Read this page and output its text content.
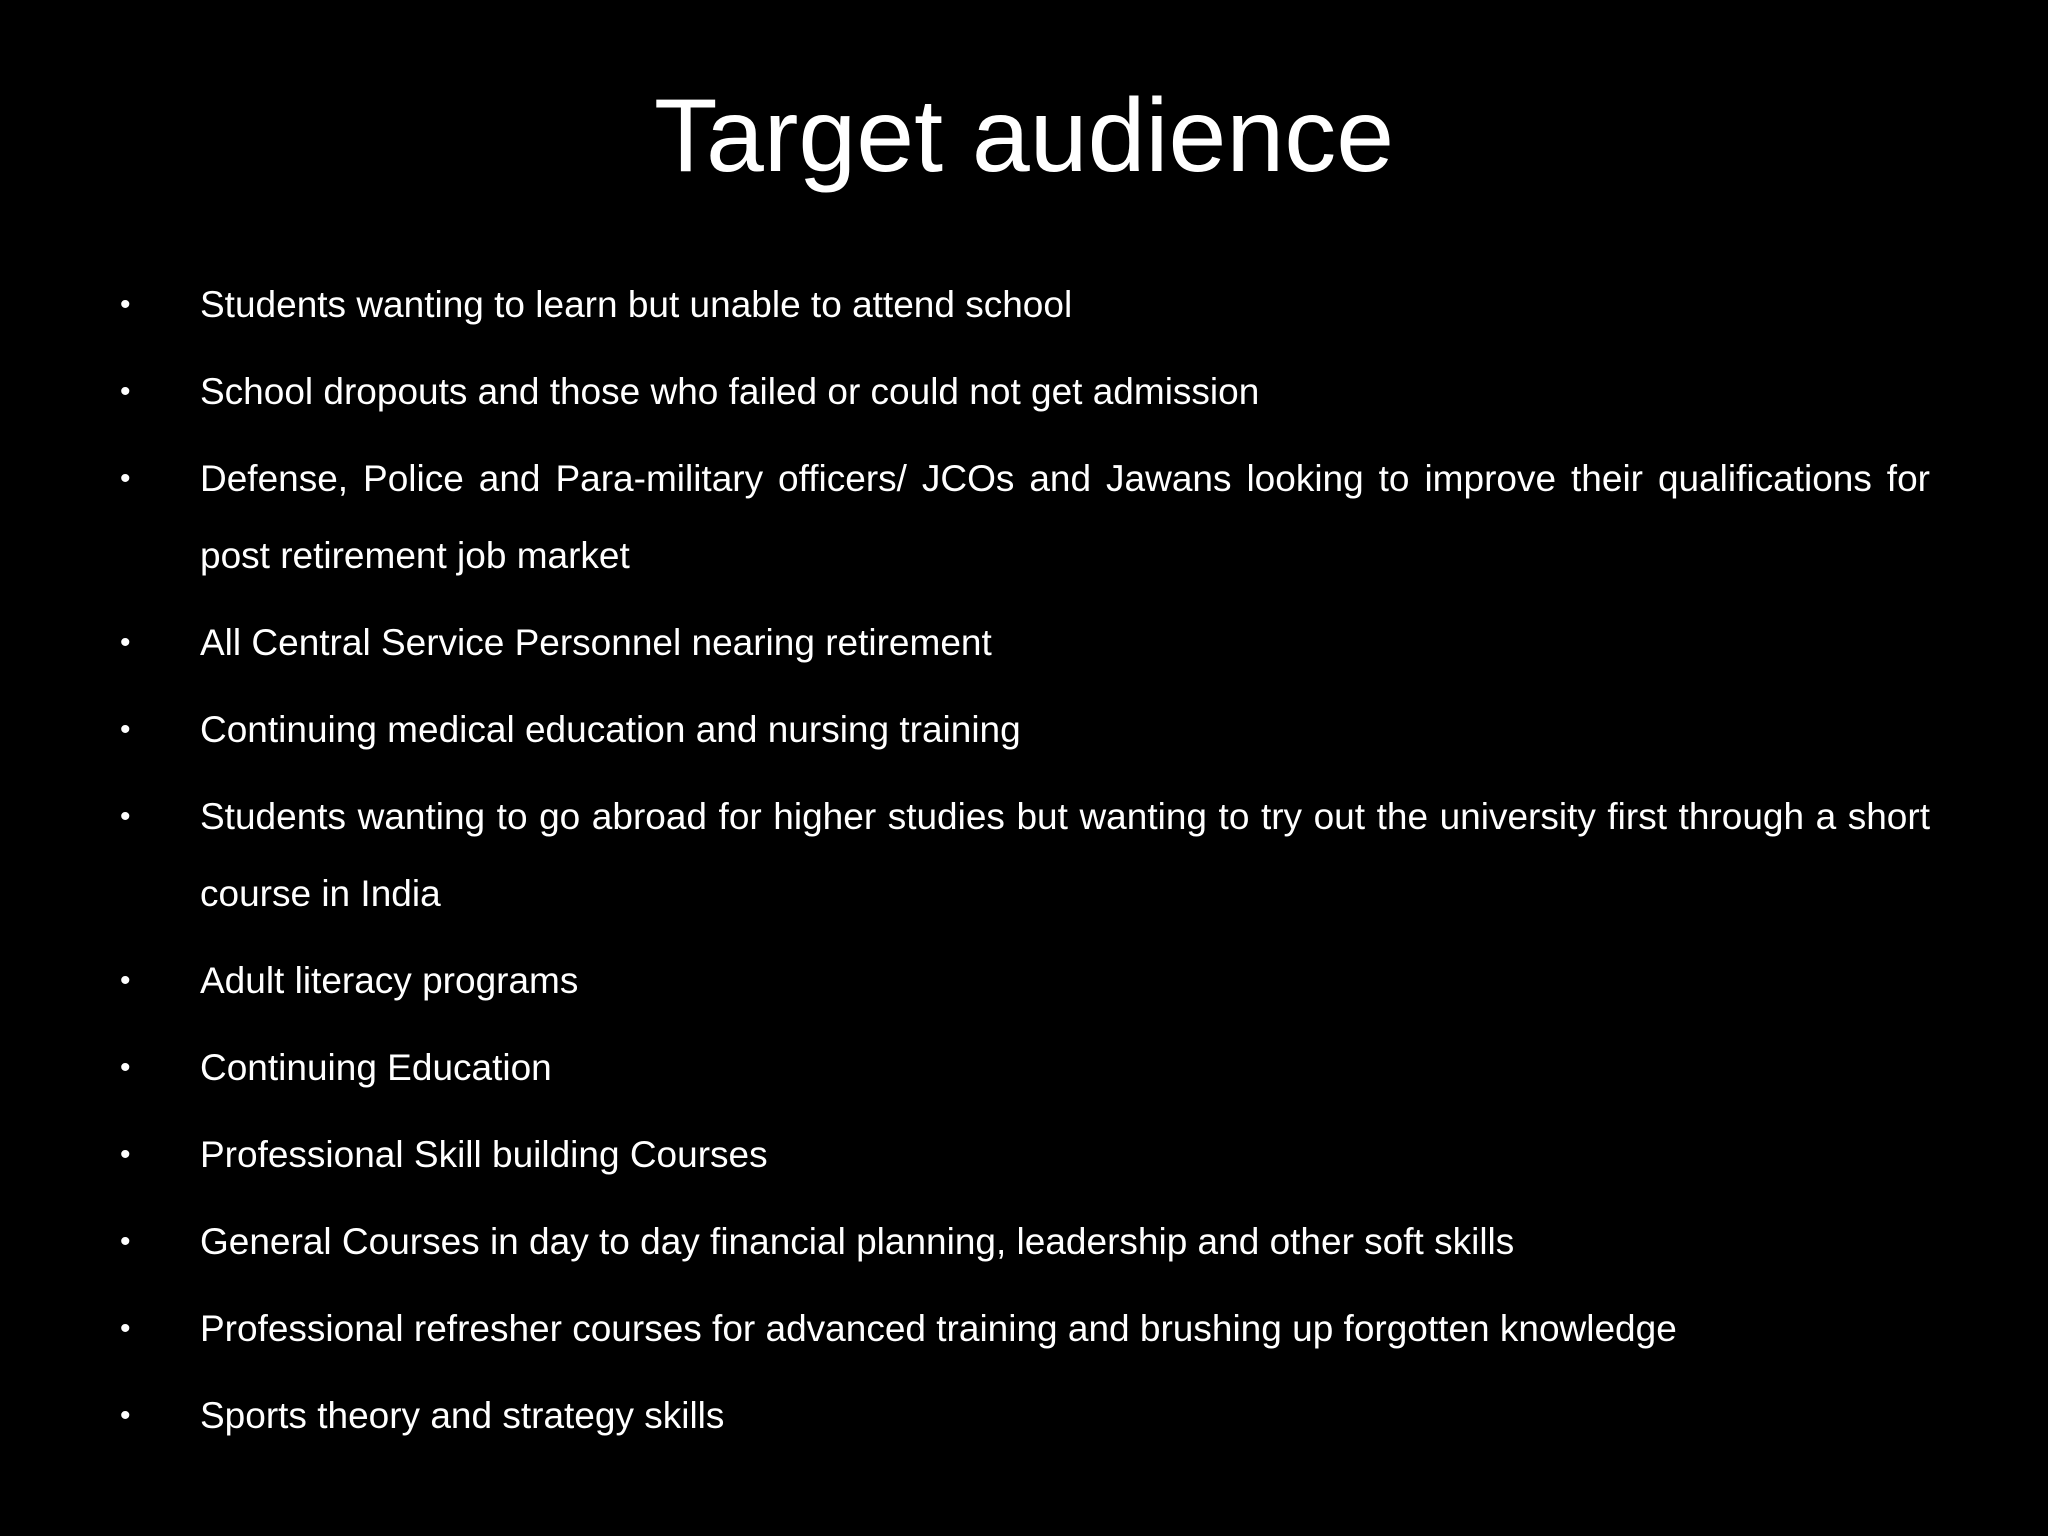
Target audience
• Students wanting to learn but unable to attend school
• School dropouts and those who failed or could not get admission
• Defense, Police and Para-military officers/ JCOs and Jawans looking to improve their qualifications for post retirement job market
• All Central Service Personnel nearing retirement
• Continuing medical education and nursing training
• Students wanting to go abroad for higher studies but wanting to try out the university first through a short course in India
• Adult literacy programs
• Continuing Education
• Professional Skill building Courses
• General Courses in day to day financial planning, leadership and other soft skills
• Professional refresher courses for advanced training and brushing up forgotten knowledge
• Sports theory and strategy skills
